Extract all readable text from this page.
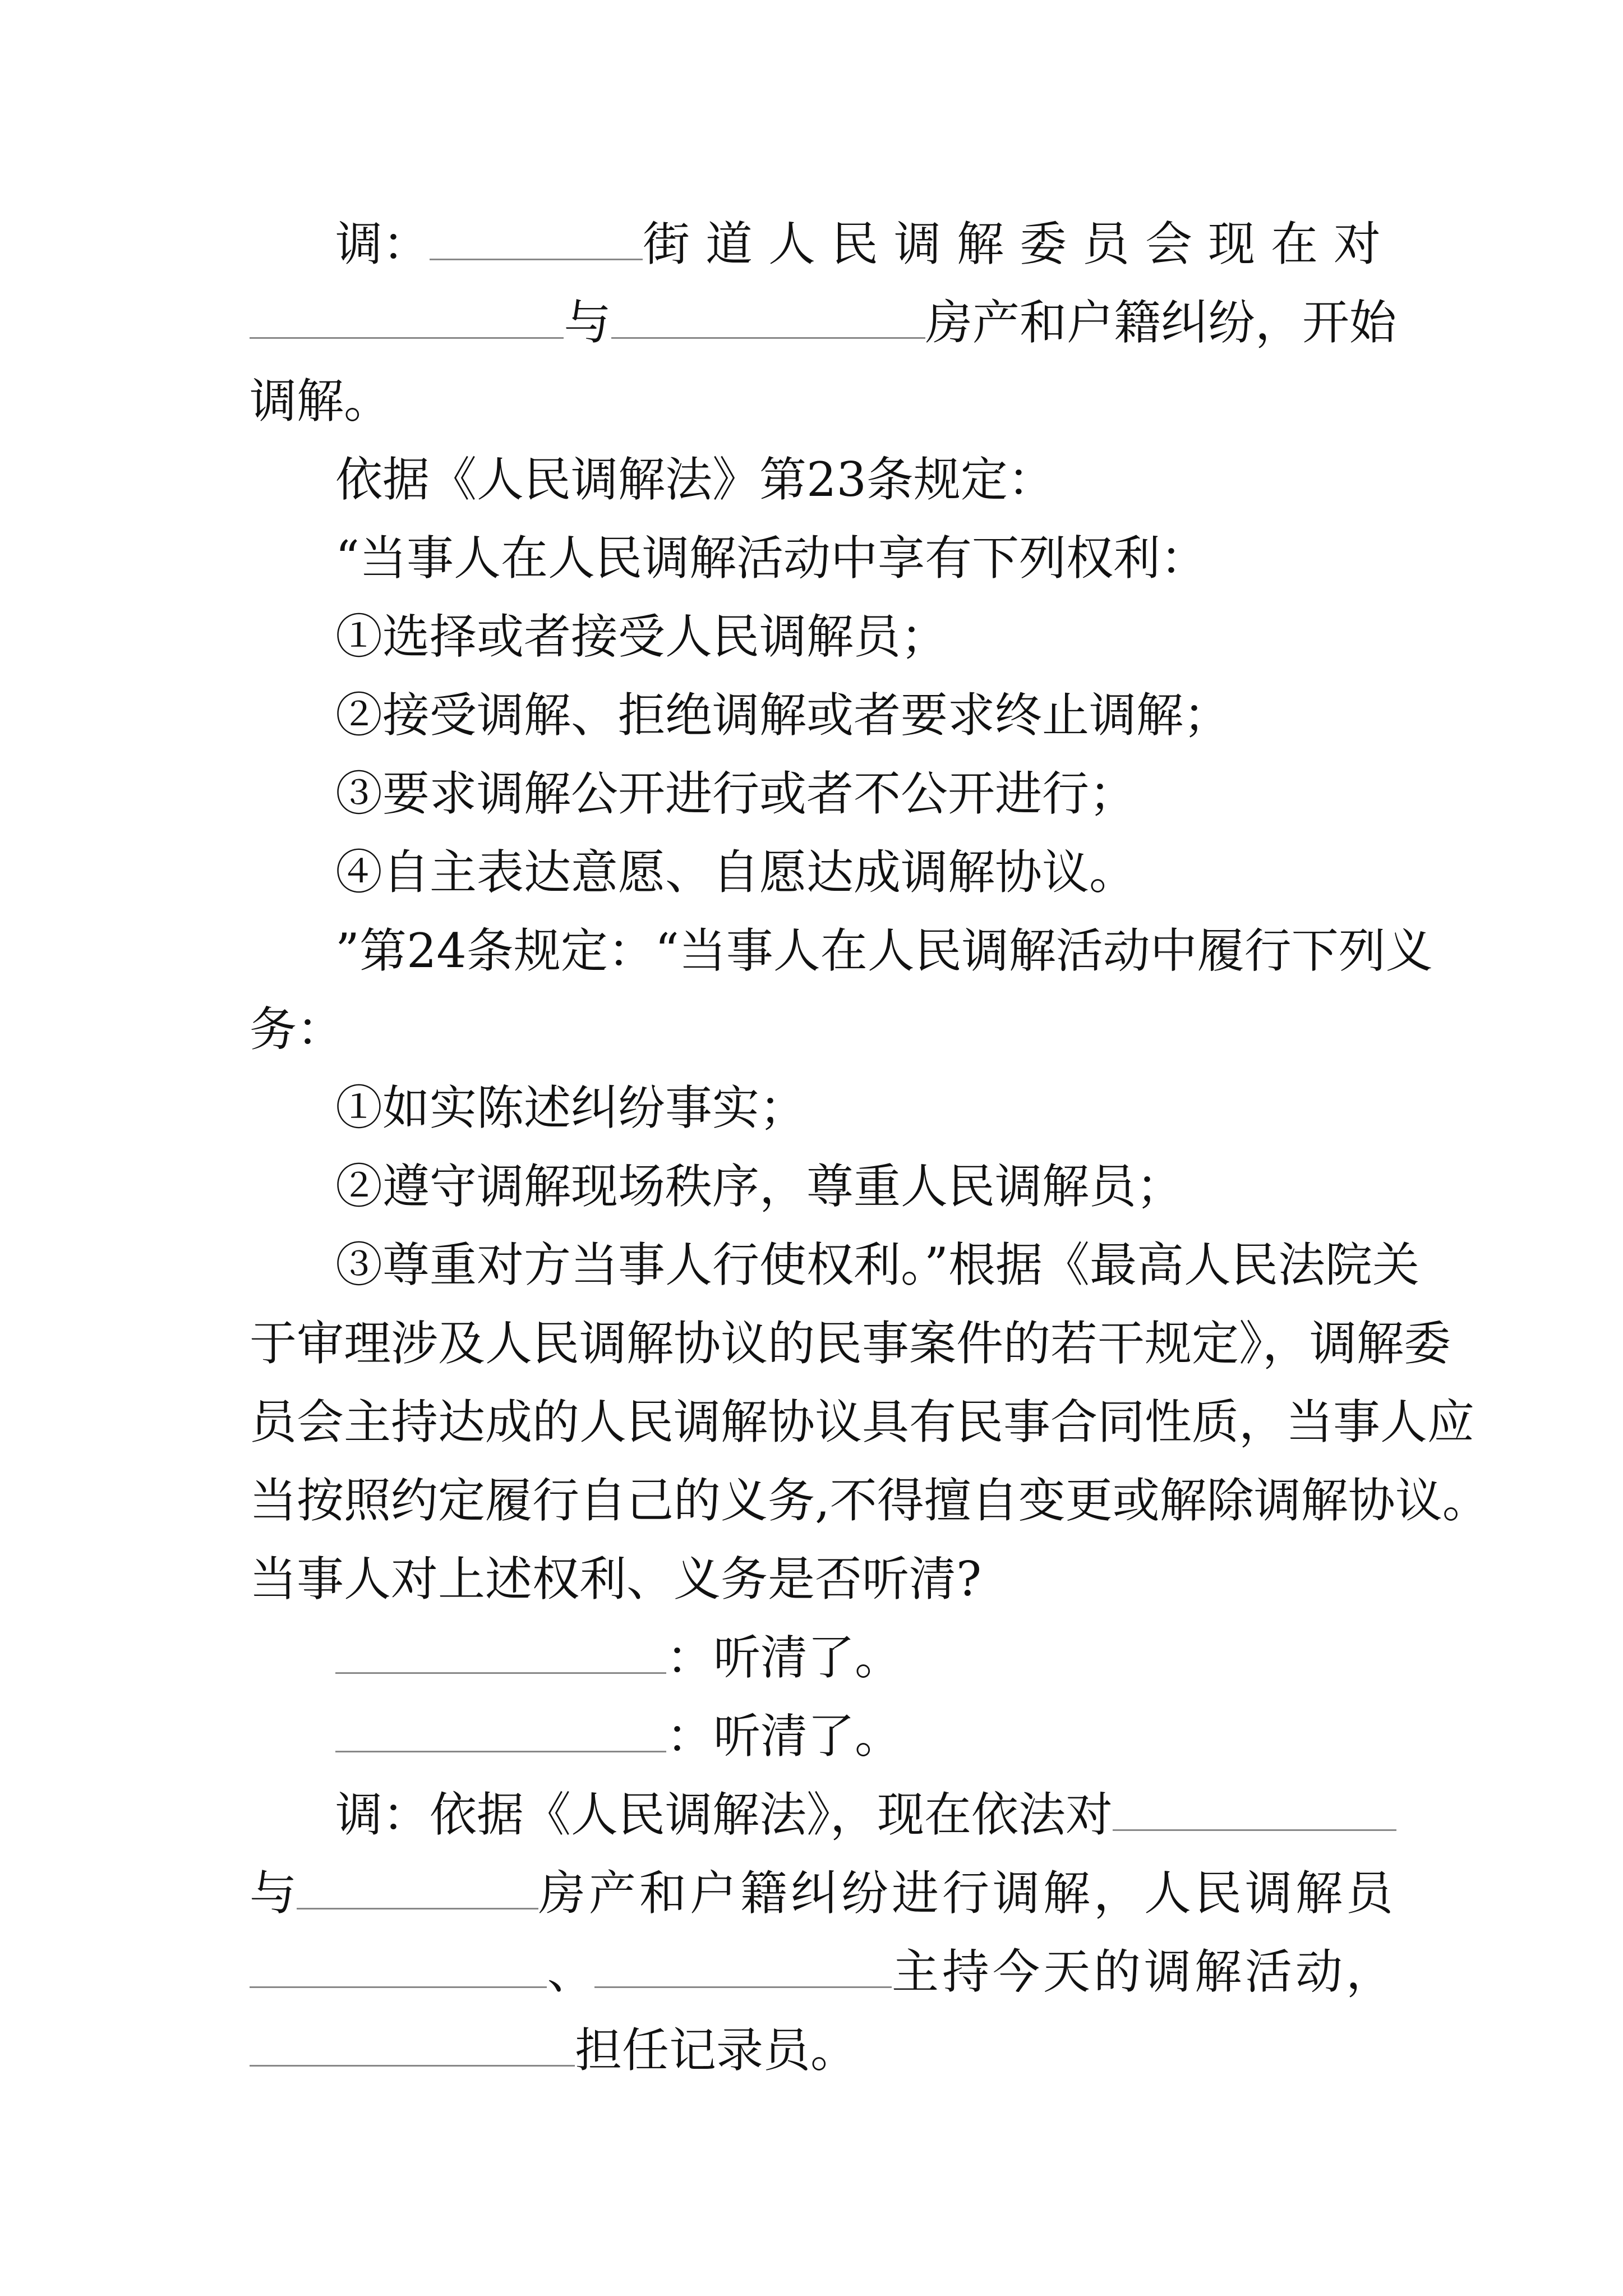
调：	街道人民调解委员会现在对
与	房产和户籍纠纷，开始
调解。
依据《人民调解法》第23条规定：
“当事人在人民调解活动中享有下列权利：
①选择或者接受人民调解员；
②接受调解、拒绝调解或者要求终止调解；
③要求调解公开进行或者不公开进行；
④自主表达意愿、自愿达成调解协议。
”第24条规定：“当事人在人民调解活动中履行下列义
务：
①如实陈述纠纷事实；
②遵守调解现场秩序，尊重人民调解员；
③尊重对方当事人行使权利。”根据《最高人民法院关
于审理涉及人民调解协议的民事案件的若干规定》，调解委
员会主持达成的人民调解协议具有民事合同性质，当事人应
当按照约定履行自己的义务,不得擅自变更或解除调解协议。
当事人对上述权利、义务是否听清?
：听清了。
：听清了。
调：依据《人民调解法》，现在依法对
与	房产和户籍纠纷进行调解，人民调解员
、	主持今天的调解活动，
担任记录员。
